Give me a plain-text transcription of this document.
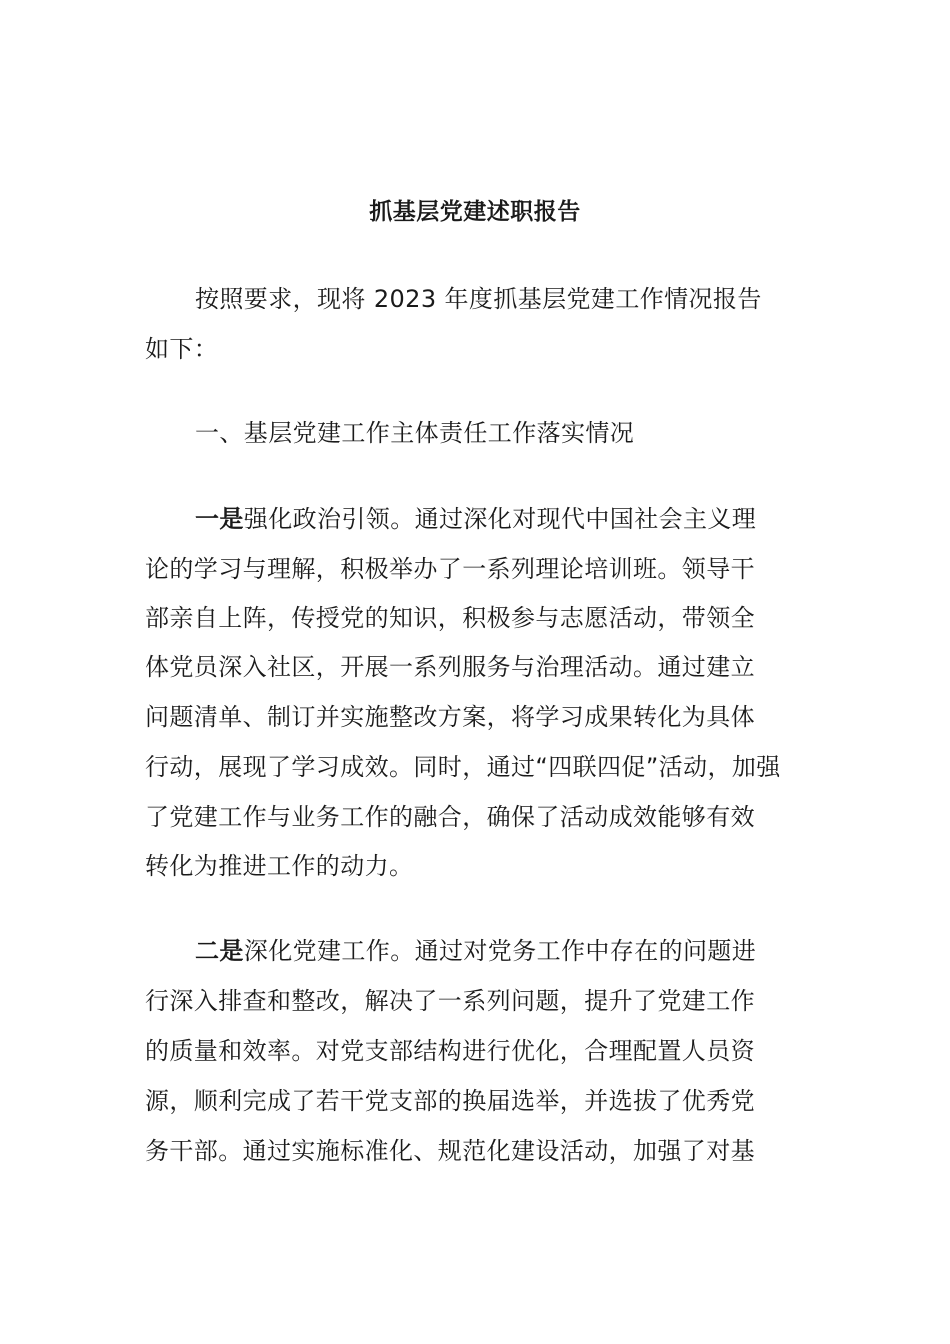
抓基层党建述职报告
按照要求，现将 2023 年度抓基层党建工作情况报告
如下：
一、基层党建工作主体责任工作落实情况
一是强化政治引领。通过深化对现代中国社会主义理
论的学习与理解，积极举办了一系列理论培训班。领导干
部亲自上阵，传授党的知识，积极参与志愿活动，带领全
体党员深入社区，开展一系列服务与治理活动。通过建立
问题清单、制订并实施整改方案，将学习成果转化为具体
行动，展现了学习成效。同时，通过“四联四促”活动，加强
了党建工作与业务工作的融合，确保了活动成效能够有效
转化为推进工作的动力。
二是深化党建工作。通过对党务工作中存在的问题进
行深入排查和整改，解决了一系列问题，提升了党建工作
的质量和效率。对党支部结构进行优化，合理配置人员资
源，顺利完成了若干党支部的换届选举，并选拔了优秀党
务干部。通过实施标准化、规范化建设活动，加强了对基
